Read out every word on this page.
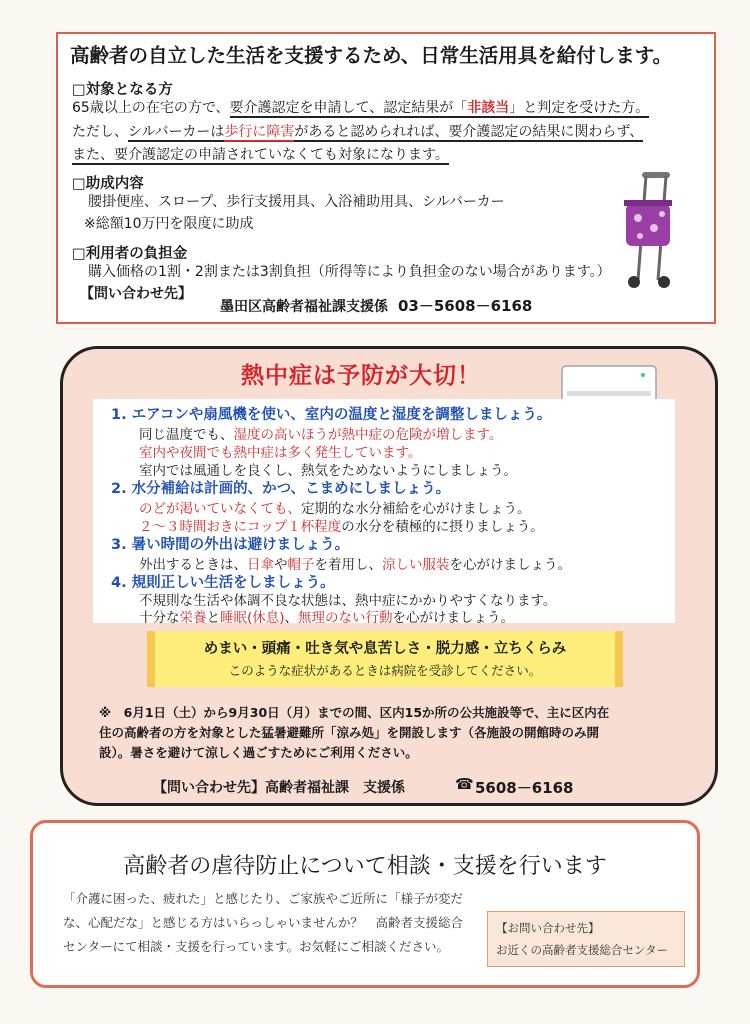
高齢者の自立した生活を支援するため、日常生活用具を給付します。
□対象となる方
65歳以上の在宅の方で、要介護認定を申請して、認定結果が「非該当」と判定を受けた方。
ただし、シルバーカーは歩行に障害があると認められれば、要介護認定の結果に関わらず、
また、要介護認定の申請されていなくても対象になります。
□助成内容
腰掛便座、スロープ、歩行支援用具、入浴補助用具、シルバーカー
※総額10万円を限度に助成
□利用者の負担金
購入価格の1割・2割または3割負担（所得等により負担金のない場合があります。）
【問い合わせ先】
墨田区高齢者福祉課支援係 03－5608－6168
熱中症は予防が大切！
1. エアコンや扇風機を使い、室内の温度と湿度を調整しましょう。
同じ温度でも、湿度の高いほうが熱中症の危険が増します。
室内や夜間でも熱中症は多く発生しています。
室内では風通しを良くし、熱気をためないようにしましょう。
2. 水分補給は計画的、かつ、こまめにしましょう。
のどが渇いていなくても、定期的な水分補給を心がけましょう。
２～３時間おきにコップ１杯程度の水分を積極的に摂りましょう。
3. 暑い時間の外出は避けましょう。
外出するときは、日傘や帽子を着用し、涼しい服装を心がけましょう。
4. 規則正しい生活をしましょう。
不規則な生活や体調不良な状態は、熱中症にかかりやすくなります。
十分な栄養と睡眠(休息)、無理のない行動を心がけましょう。
めまい・頭痛・吐き気や息苦しさ・脱力感・立ちくらみ
このような症状があるときは病院を受診してください。
※　6月1日（土）から9月30日（月）までの間、区内15か所の公共施設等で、主に区内在
住の高齢者の方を対象とした猛暑避難所「涼み処」を開設します（各施設の開館時のみ開
設）。暑さを避けて涼しく過ごすためにご利用ください。
【問い合わせ先】高齢者福祉課　支援係	☎ 5608－6168
高齢者の虐待防止について相談・支援を行います
「介護に困った、疲れた」と感じたり、ご家族やご近所に「様子が変だ
な、心配だな」と感じる方はいらっしゃいませんか？　高齢者支援総合
センターにて相談・支援を行っています。お気軽にご相談ください。
【お問い合わせ先】
お近くの高齢者支援総合センター
